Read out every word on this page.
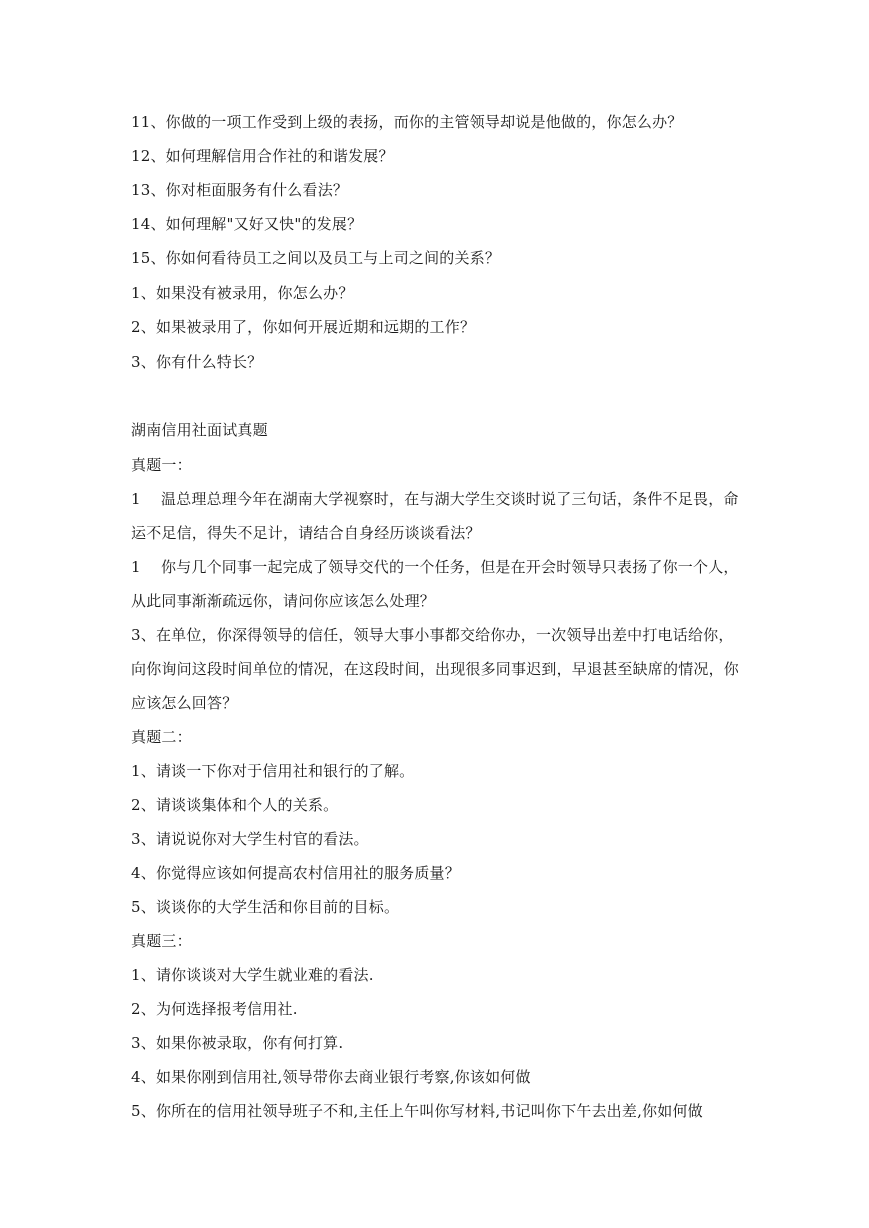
11、你做的一项工作受到上级的表扬，而你的主管领导却说是他做的，你怎么办？

12、如何理解信用合作社的和谐发展？

13、你对柜面服务有什么看法？

14、如何理解"又好又快"的发展？

15、你如何看待员工之间以及员工与上司之间的关系？

1、如果没有被录用，你怎么办？

2、如果被录用了，你如何开展近期和远期的工作？

3、你有什么特长？

湖南信用社面试真题

真题一：

1	温总理总理今年在湖南大学视察时，在与湖大学生交谈时说了三句话，条件不足畏，命

运不足信，得失不足计，请结合自身经历谈谈看法？

1	你与几个同事一起完成了领导交代的一个任务，但是在开会时领导只表扬了你一个人，

从此同事渐渐疏远你，请问你应该怎么处理？

3、在单位，你深得领导的信任，领导大事小事都交给你办，一次领导出差中打电话给你，

向你询问这段时间单位的情况，在这段时间，出现很多同事迟到，早退甚至缺席的情况，你

应该怎么回答？

真题二：

1、请谈一下你对于信用社和银行的了解。

2、请谈谈集体和个人的关系。

3、请说说你对大学生村官的看法。

4、你觉得应该如何提高农村信用社的服务质量？

5、谈谈你的大学生活和你目前的目标。

真题三：

1、请你谈谈对大学生就业难的看法.

2、为何选择报考信用社.

3、如果你被录取，你有何打算.

4、如果你刚到信用社,领导带你去商业银行考察,你该如何做

5、你所在的信用社领导班子不和,主任上午叫你写材料,书记叫你下午去出差,你如何做
